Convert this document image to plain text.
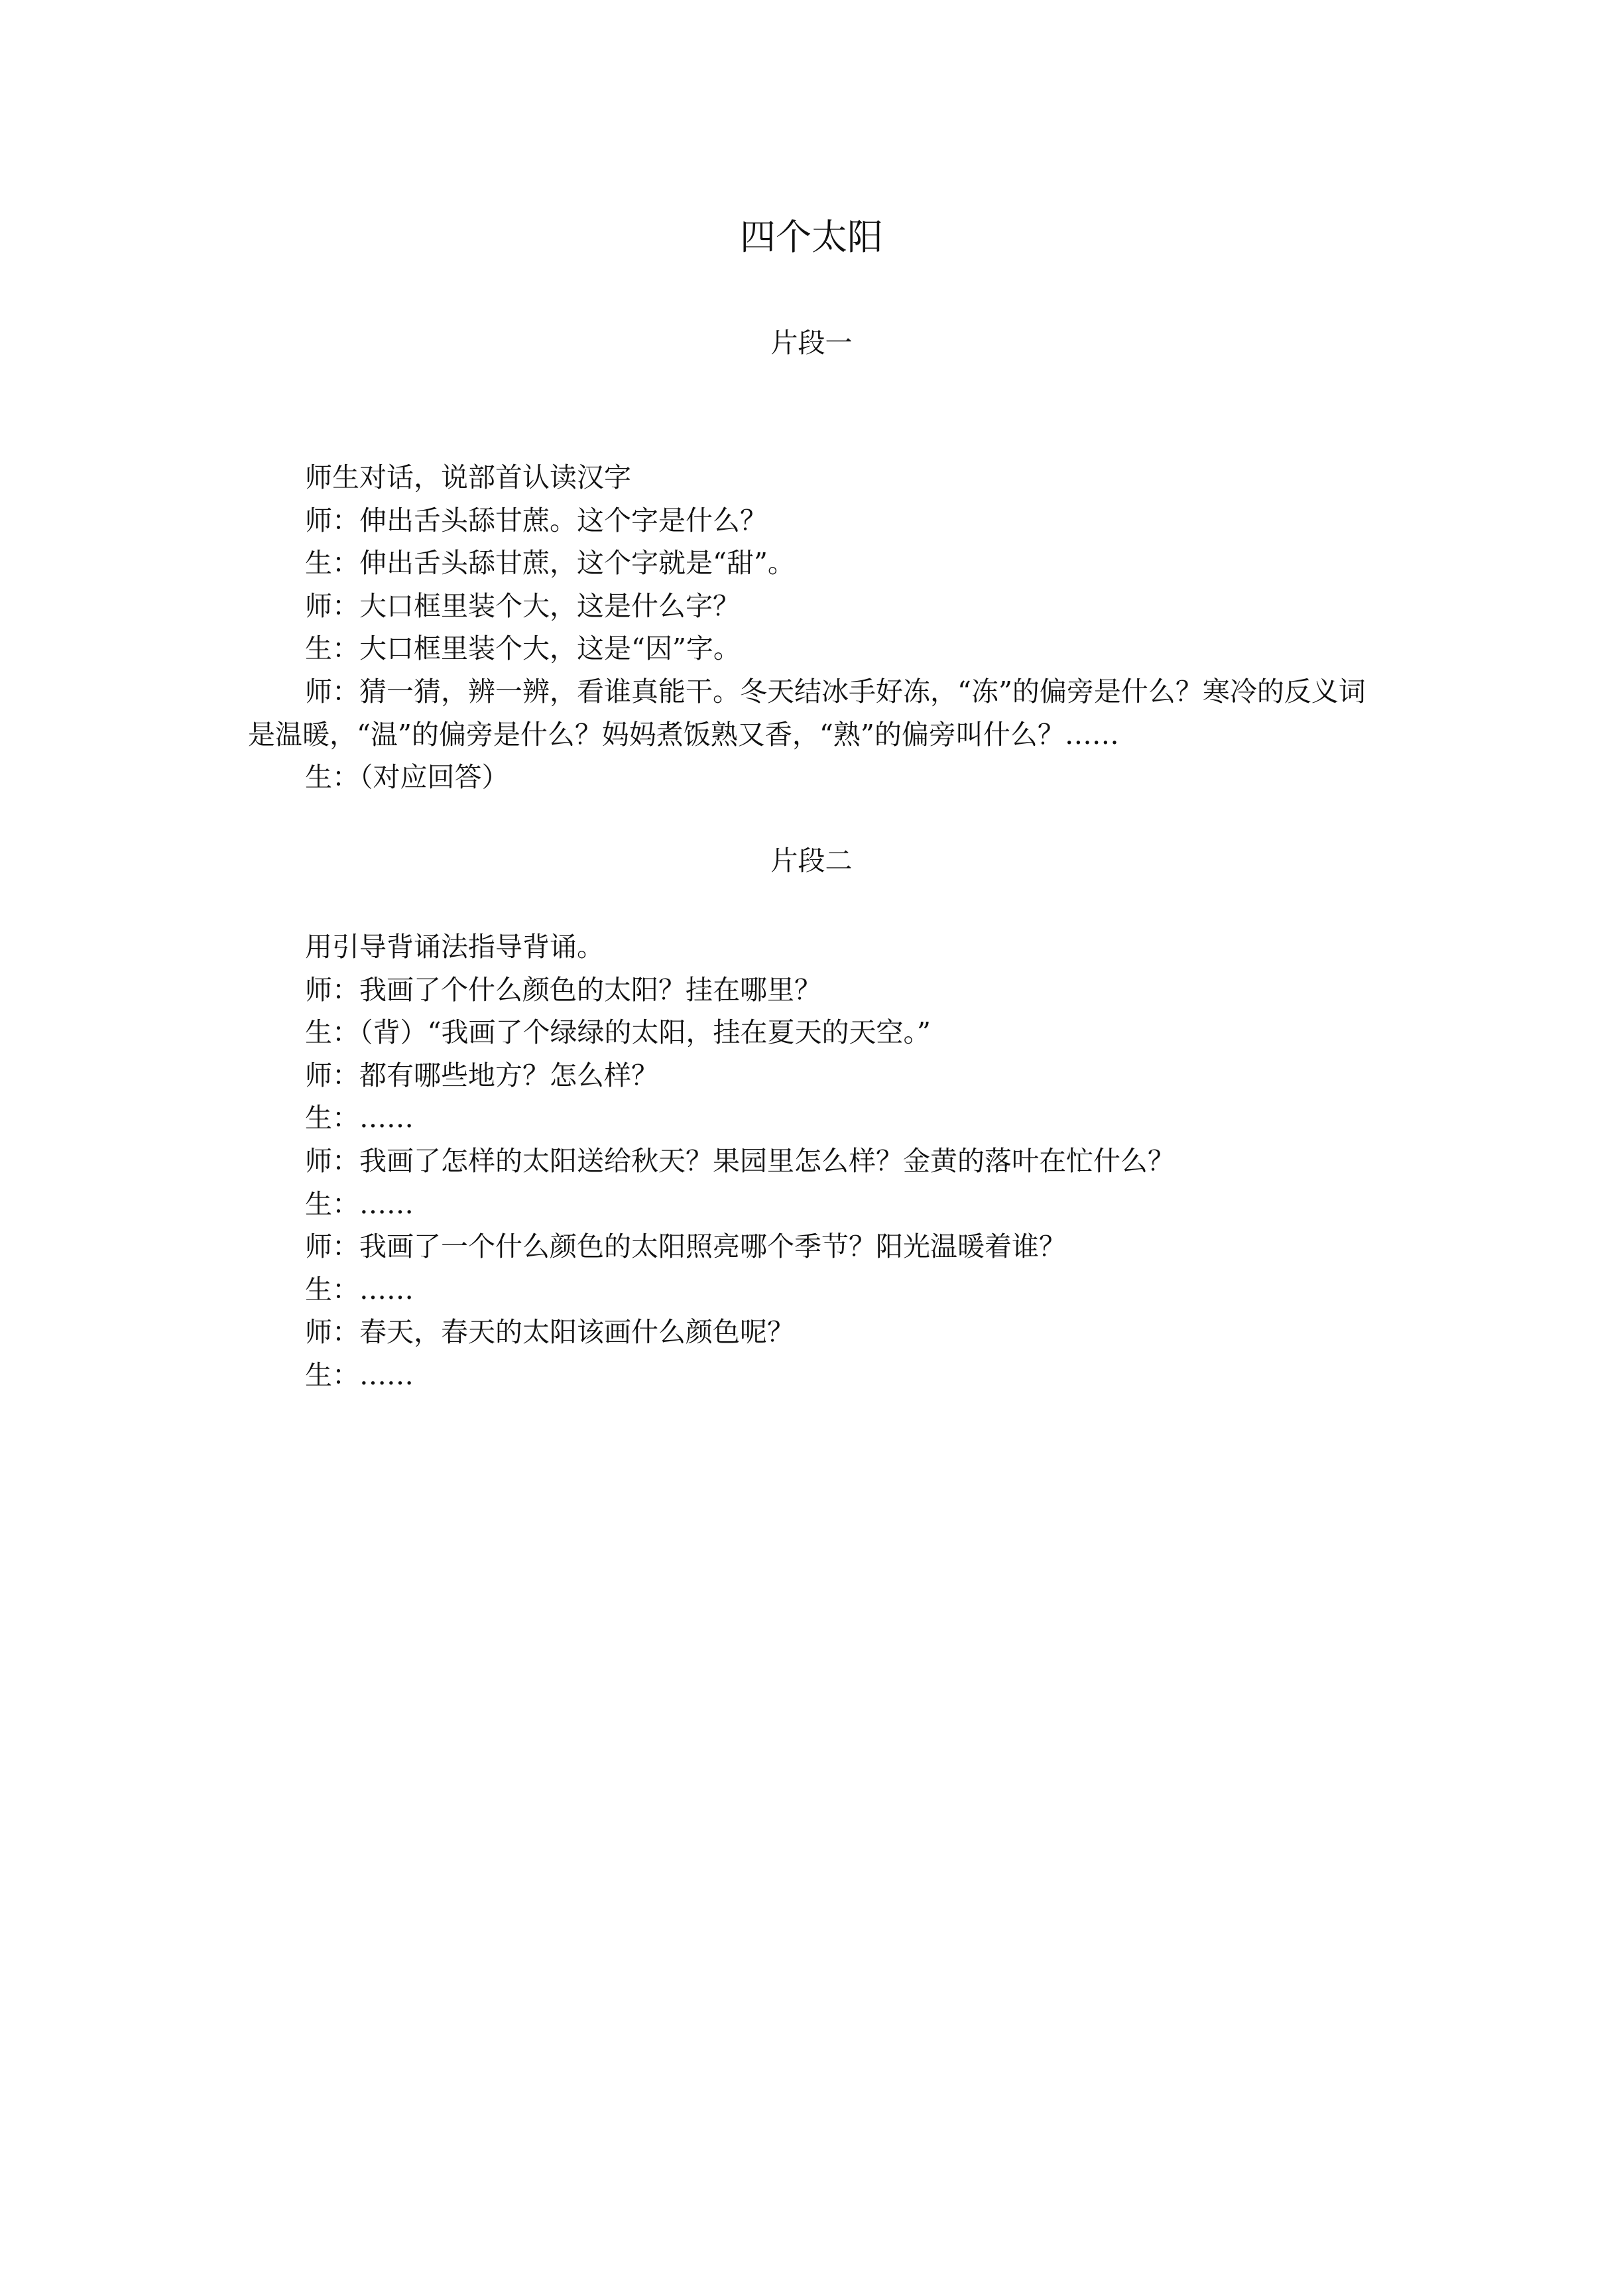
四个太阳
片段一

师生对话，说部首认读汉字

师：伸出舌头舔甘蔗。这个字是什么？

生：伸出舌头舔甘蔗，这个字就是“甜”。

师：大口框里装个大，这是什么字？

生：大口框里装个大，这是“因”字。

师：猜一猜，辨一辨，看谁真能干。冬天结冰手好冻，“冻”的偏旁是什么？寒冷的反义词是温暖，“温”的偏旁是什么？妈妈煮饭熟又香，“熟”的偏旁叫什么？……

生：（对应回答）

片段二

用引导背诵法指导背诵。

师：我画了个什么颜色的太阳？挂在哪里？

生：（背）“我画了个绿绿的太阳，挂在夏天的天空。”

师：都有哪些地方？怎么样？

生：……

师：我画了怎样的太阳送给秋天？果园里怎么样？金黄的落叶在忙什么？

生：……

师：我画了一个什么颜色的太阳照亮哪个季节？阳光温暖着谁？

生：……

师：春天，春天的太阳该画什么颜色呢？

生：……
